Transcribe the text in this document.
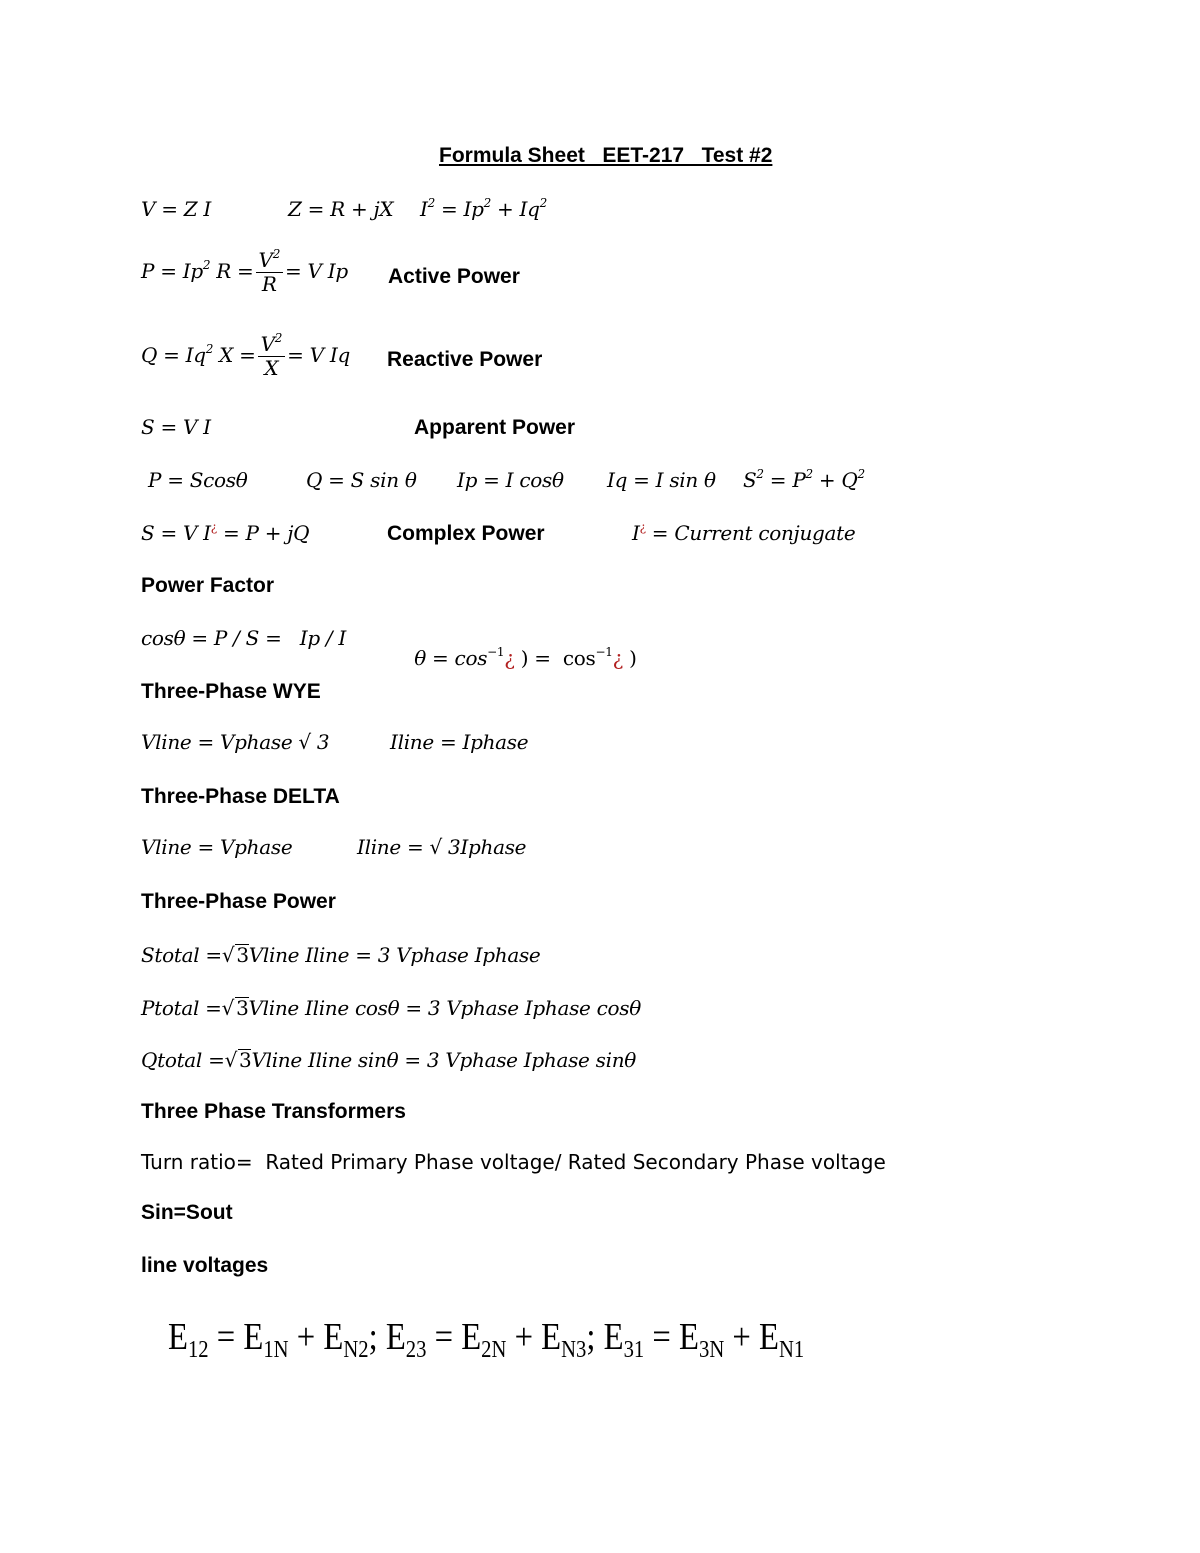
Formula Sheet   EET-217   Test #2
V = Z I	Z = R + jX $I^2 = Ip^2 + Iq^2$
$P = Ip^2$ $R = \frac{V^2}{R} = V$ Ip Active Power
$Q = Iq^2$ $X = \frac{V^2}{X} = V$ Iq Reactive Power
S = V I	Apparent Power
P = Scosθ	Q = S sin θ Ip = I cosθ Iq = I sin θ $S^2 = P^2 + Q^2$
S = V I¿ = P + jQ	Complex Power	I¿ = Current conjugate
Power Factor
cosθ = P / S =   Ip / I

$\theta = \cos^{-1}¿$ ) =  $\cos^{-1}¿$ )

Three-Phase WYE
Vline = Vphase √ 3	Iline = Iphase
Three-Phase DELTA
Vline = Vphase	Iline = √ 3Iphase
Three-Phase Power
Stotal =√ 3Vline Iline = 3 Vphase Iphase
Ptotal =√ 3Vline Iline cosθ = 3 Vphase Iphase cosθ
Qtotal =√ 3Vline Iline sinθ = 3 Vphase Iphase sinθ
Three Phase Transformers
Turn ratio=  Rated Primary Phase voltage/ Rated Secondary Phase voltage
Sin=Sout
line voltages
$E_{12} = E_{1N} + E_{N2}$; $E_{23} = E_{2N} + E_{N3}$; $E_{31} = E_{3N} + E_{N1}$
